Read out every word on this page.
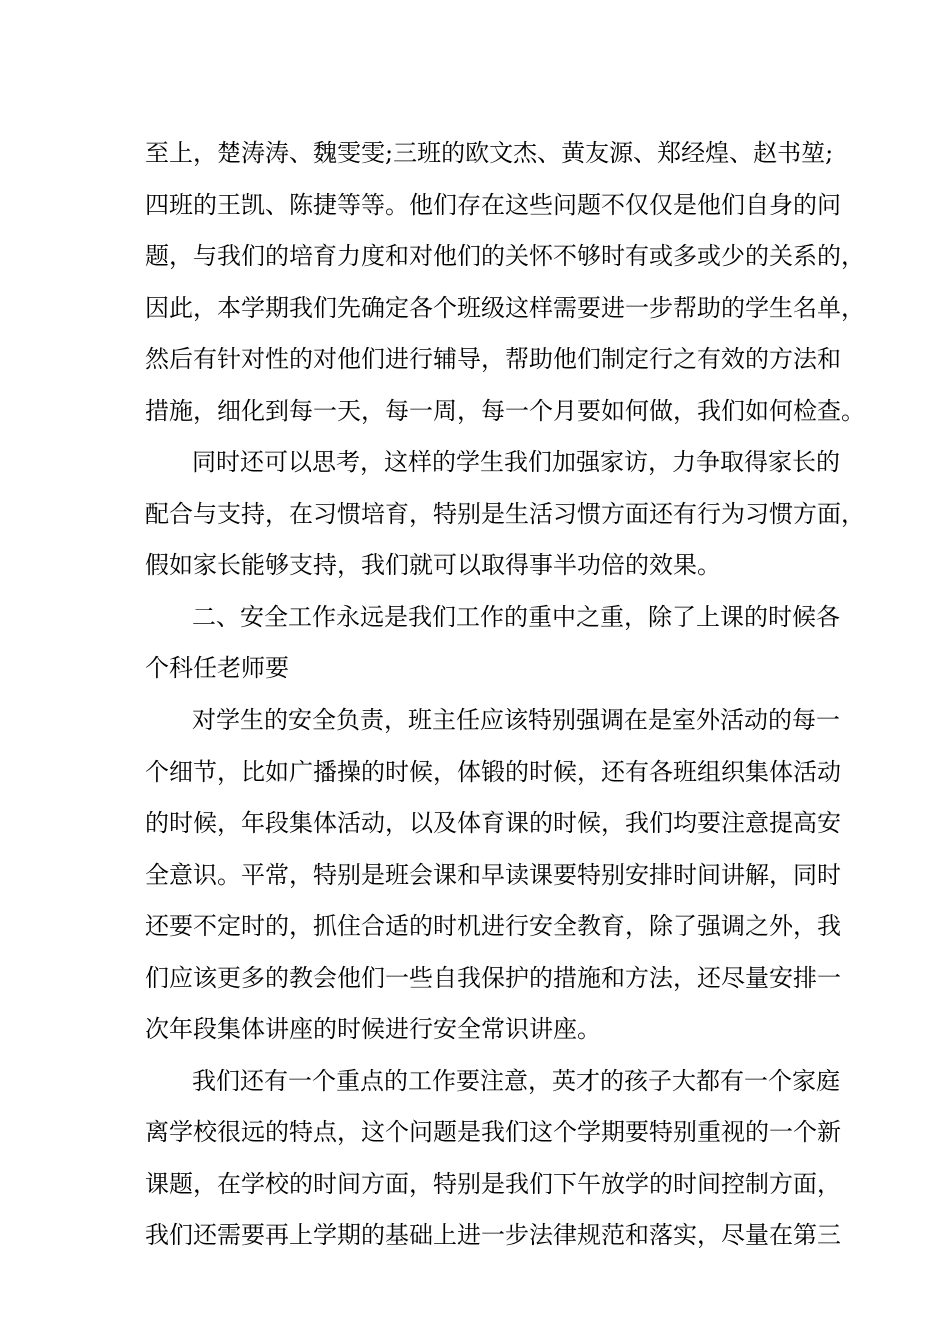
至上，楚涛涛、魏雯雯;三班的欧文杰、黄友源、郑经煌、赵书堃;
四班的王凯、陈捷等等。他们存在这些问题不仅仅是他们自身的问
题，与我们的培育力度和对他们的关怀不够时有或多或少的关系的，
因此，本学期我们先确定各个班级这样需要进一步帮助的学生名单，
然后有针对性的对他们进行辅导，帮助他们制定行之有效的方法和
措施，细化到每一天，每一周，每一个月要如何做，我们如何检查。
同时还可以思考，这样的学生我们加强家访，力争取得家长的
配合与支持，在习惯培育，特别是生活习惯方面还有行为习惯方面，
假如家长能够支持，我们就可以取得事半功倍的效果。
二、安全工作永远是我们工作的重中之重，除了上课的时候各
个科任老师要
对学生的安全负责，班主任应该特别强调在是室外活动的每一
个细节，比如广播操的时候，体锻的时候，还有各班组织集体活动
的时候，年段集体活动，以及体育课的时候，我们均要注意提高安
全意识。平常，特别是班会课和早读课要特别安排时间讲解，同时
还要不定时的，抓住合适的时机进行安全教育，除了强调之外，我
们应该更多的教会他们一些自我保护的措施和方法，还尽量安排一
次年段集体讲座的时候进行安全常识讲座。
我们还有一个重点的工作要注意，英才的孩子大都有一个家庭
离学校很远的特点，这个问题是我们这个学期要特别重视的一个新
课题，在学校的时间方面，特别是我们下午放学的时间控制方面，
我们还需要再上学期的基础上进一步法律规范和落实，尽量在第三
